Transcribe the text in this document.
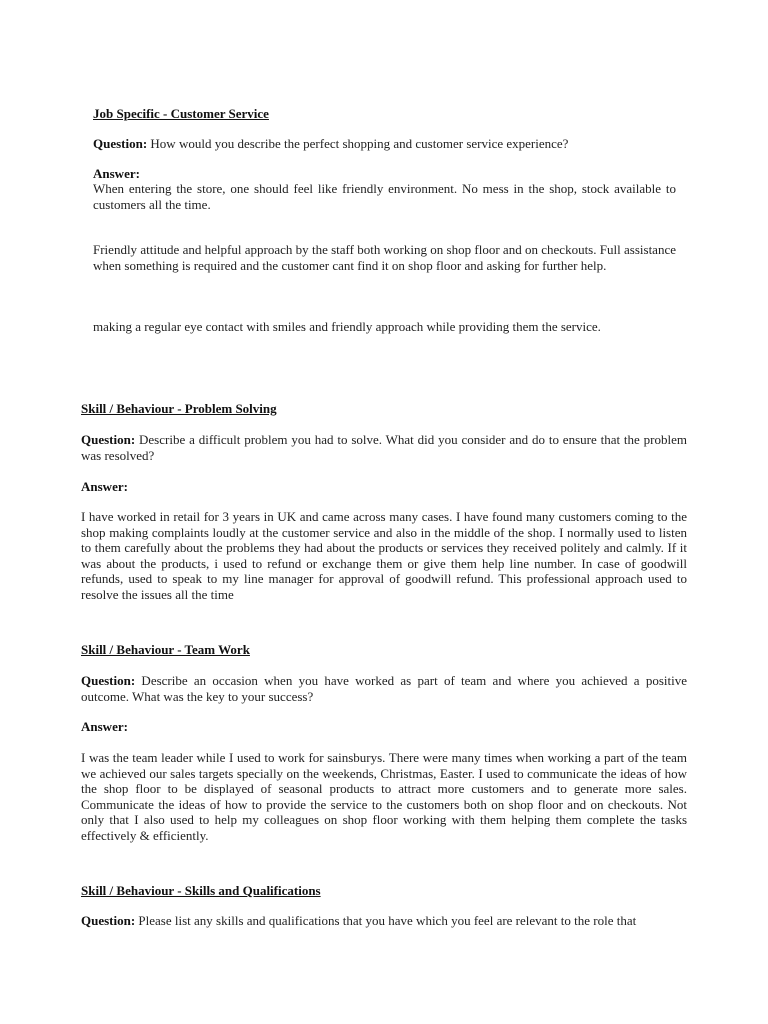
Job Specific - Customer Service
Question: How would you describe the perfect shopping and customer service experience?
Answer:

When entering the store, one should feel like friendly environment. No mess in the shop, stock available to customers all the time.

Friendly attitude and helpful approach by the staff both working on shop floor and on checkouts. Full assistance when something is required and the customer cant find it on shop floor and asking for further help.

making a regular eye contact with smiles and friendly approach while providing them the service.

Skill / Behaviour - Problem Solving
Question: Describe a difficult problem you had to solve. What did you consider and do to ensure that the problem was resolved?
Answer:

I have worked in retail for 3 years in UK and came across many cases. I have found many customers coming to the shop making complaints loudly at the customer service and also in the middle of the shop. I normally used to listen to them carefully about the problems they had about the products or services they received politely and calmly. If it was about the products, i used to refund or exchange them or give them help line number. In case of goodwill refunds, used to speak to my line manager for approval of goodwill refund. This professional approach used to resolve the issues all the time

Skill / Behaviour - Team Work
Question: Describe an occasion when you have worked as part of team and where you achieved a positive outcome. What was the key to your success?
Answer:

I was the team leader while I used to work for sainsburys. There were many times when working a part of the team we achieved our sales targets specially on the weekends, Christmas, Easter. I used to communicate the ideas of how the shop floor to be displayed of seasonal products to attract more customers and to generate more sales. Communicate the ideas of how to provide the service to the customers both on shop floor and on checkouts. Not only that I also used to help my colleagues on shop floor working with them helping them complete the tasks effectively & efficiently.

Skill / Behaviour - Skills and Qualifications
Question: Please list any skills and qualifications that you have which you feel are relevant to the role that
